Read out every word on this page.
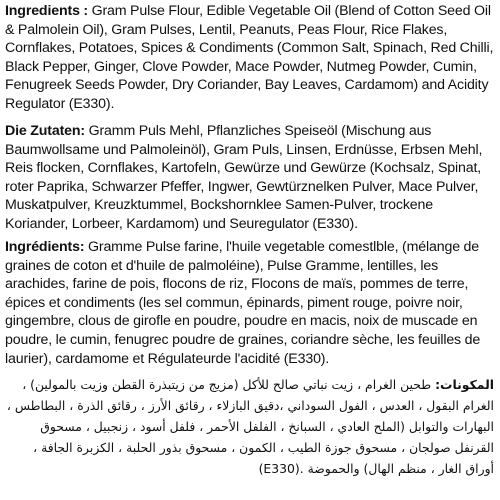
Ingredients : Gram Pulse Flour, Edible Vegetable Oil (Blend of Cotton Seed Oil & Palmolein Oil), Gram Pulses, Lentil, Peanuts, Peas Flour, Rice Flakes, Cornflakes, Potatoes, Spices & Condiments (Common Salt, Spinach, Red Chilli, Black Pepper, Ginger, Clove Powder, Mace Powder, Nutmeg Powder, Cumin, Fenugreek Seeds Powder, Dry Coriander, Bay Leaves, Cardamom) and Acidity Regulator (E330).
Die Zutaten: Gramm Puls Mehl, Pflanzliches Speiseöl (Mischung aus Baumwollsame und Palmoleinöl), Gram Puls, Linsen, Erdnüsse, Erbsen Mehl, Reis flocken, Cornflakes, Kartofeln, Gewürze und Gewürze (Kochsalz, Spinat, roter Paprika, Schwarzer Pfeffer, Ingwer, Gewtürznelken Pulver, Mace Pulver, Muskatpulver, Kreuzktummel, Bockshornklee Samen-Pulver, trockene Koriander, Lorbeer, Kardamom) und Seuregulator (E330).
Ingrédients: Gramme Pulse farine, l'huile vegetable comestlble, (mélange de graines de coton et d'huile de palmoléine), Pulse Gramme, lentilles, les arachides, farine de pois, flocons de riz, Flocons de maïs, pommes de terre, épices et condiments (les sel commun, épinards, piment rouge, poivre noir, gingembre, clous de girofle en poudre, poudre en macis, noix de muscade en poudre, le cumin, fenugrec poudre de graines, coriandre sèche, les feuilles de laurier), cardamome et Régulateurde l'acidité (E330).
المكونات: طحين الغرام ، زيت نباتي صالح للأكل (مزيج من زيتبذرة القطن وزيت بالمولين) ، الغرام البقول ، العدس ، الفول السوداني ،دقيق البازلاء ، رقائق الأرز ، رقائق الذرة ، البطاطس ، البهارات والتوابل (الملح العادي ، السبانخ ، الفلفل الأحمر ، فلفل أسود ، زنجبيل ، مسحوق القرنفل صولجان ، مسحوق جوزة الطيب ، الكمون ، مسحوق بذور الحلبة ، الكزبرة الجافة ، أوراق الغار ، منظم الهال) والحموضة (E330).
